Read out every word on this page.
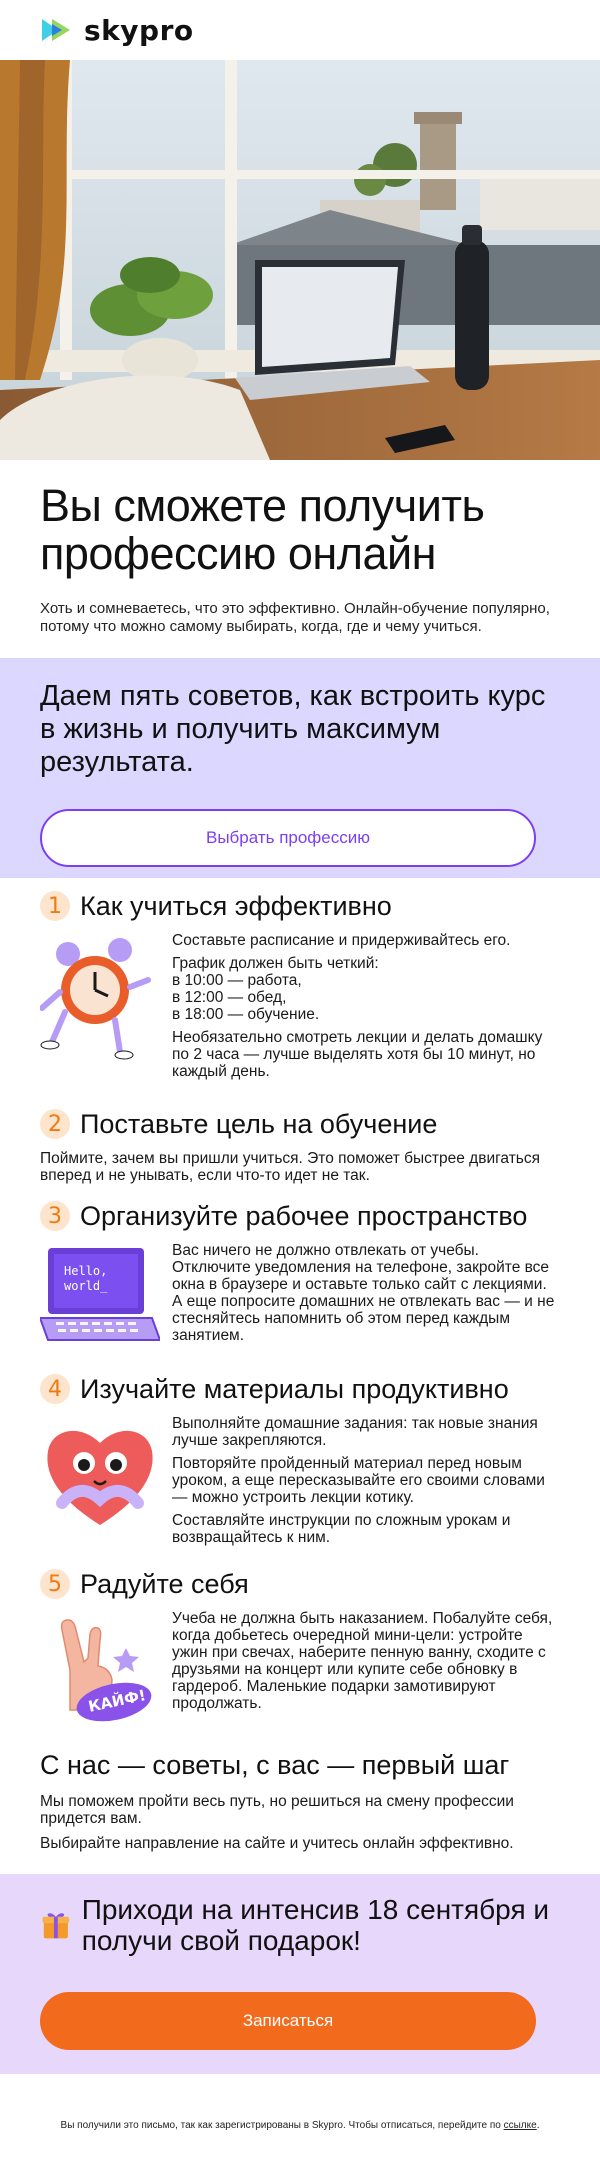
skypro
Вы сможете получить профессию онлайн

Хоть и сомневаетесь, что это эффективно. Онлайн-обучение популярно, потому что можно самому выбирать, когда, где и чему учиться.

Даем пять советов, как встроить курс в жизнь и получить максимум результата.
Выбрать профессию
1 Как учиться эффективно

Составьте расписание и придерживайтесь его.

График должен быть четкий:
в 10:00 — работа,
в 12:00 — обед,
в 18:00 — обучение.

Необязательно смотреть лекции и делать домашку по 2 часа — лучше выделять хотя бы 10 минут, но каждый день.

2 Поставьте цель на обучение

Поймите, зачем вы пришли учиться. Это поможет быстрее двигаться вперед и не унывать, если что-то идет не так.

3 Организуйте рабочее пространство
Hello,
world_

Вас ничего не должно отвлекать от учебы. Отключите уведомления на телефоне, закройте все окна в браузере и оставьте только сайт с лекциями. А еще попросите домашних не отвлекать вас — и не стесняйтесь напомнить об этом перед каждым занятием.

4 Изучайте материалы продуктивно

Выполняйте домашние задания: так новые знания лучше закрепляются.

Повторяйте пройденный материал перед новым уроком, а еще пересказывайте его своими словами — можно устроить лекции котику.

Составляйте инструкции по сложным урокам и возвращайтесь к ним.

5 Радуйте себя
КАЙФ!

Учеба не должна быть наказанием. Побалуйте себя, когда добьетесь очередной мини-цели: устройте ужин при свечах, наберите пенную ванну, сходите с друзьями на концерт или купите себе обновку в гардероб. Маленькие подарки замотивируют продолжать.

С нас — советы, с вас — первый шаг

Мы поможем пройти весь путь, но решиться на смену профессии придется вам.

Выбирайте направление на сайте и учитесь онлайн эффективно.

Приходи на интенсив 18 сентября и получи свой подарок!
Записаться
Вы получили это письмо, так как зарегистрированы в Skypro. Чтобы отписаться, перейдите по ссылке.
